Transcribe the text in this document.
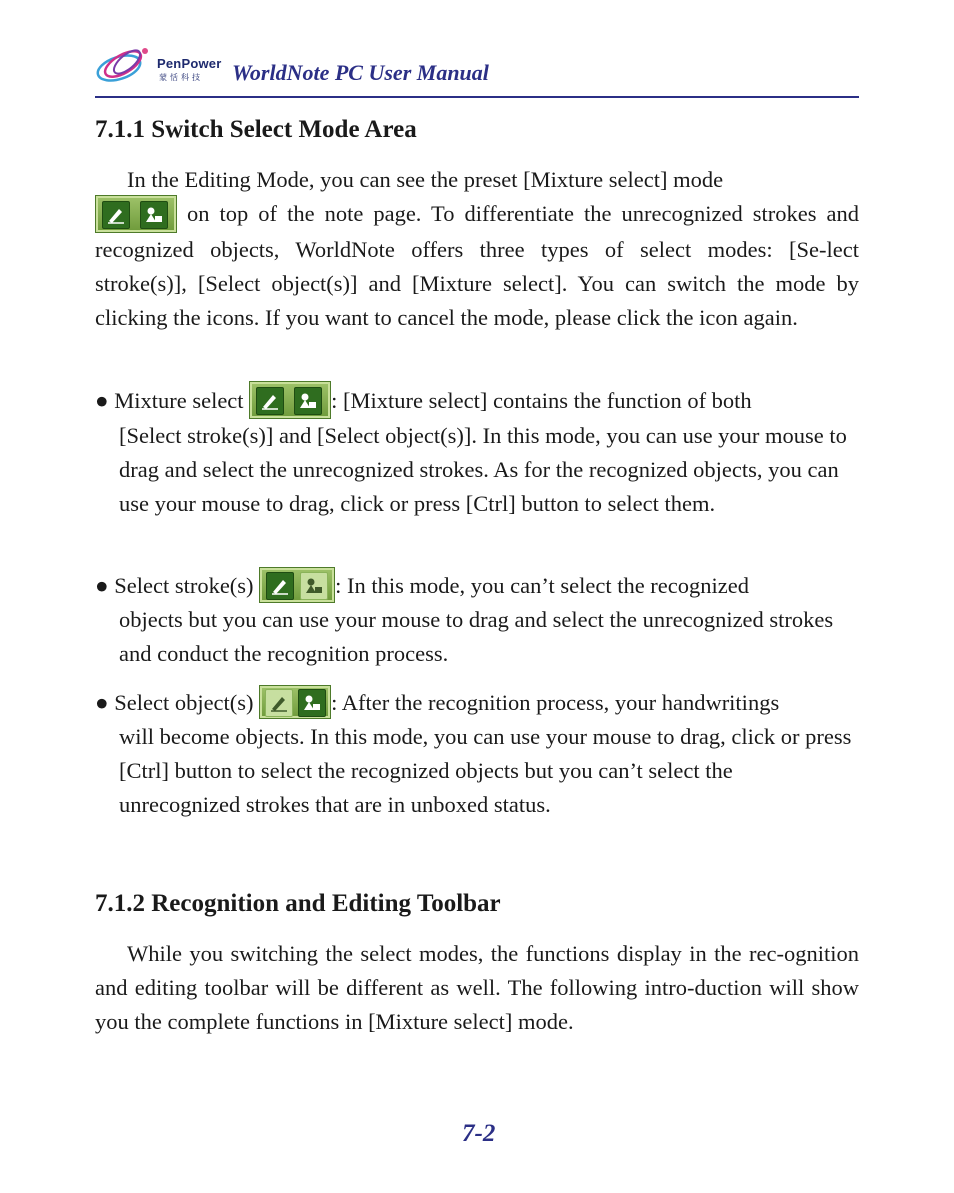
PenPower
蒙恬科技 WorldNote PC User Manual
7.1.1 Switch Select Mode Area

In the Editing Mode, you can see the preset [Mixture select] mode

on top of the note page. To differentiate the unrecognized strokes and recognized objects, WorldNote offers three types of select modes: [Se-lect stroke(s)], [Select object(s)] and [Mixture select]. You can switch the mode by clicking the icons. If you want to cancel the mode, please click the icon again.

● Mixture select	: [Mixture select] contains the function of both
[Select stroke(s)] and [Select object(s)]. In this mode, you can use your mouse to drag and select the unrecognized strokes. As for the recognized objects, you can use your mouse to drag, click or press [Ctrl] button to select them.
● Select stroke(s)	: In this mode, you can’t select the recognized
objects but you can use your mouse to drag and select the unrecognized strokes and conduct the recognition process.
● Select object(s)	: After the recognition process, your handwritings
will become objects. In this mode, you can use your mouse to drag, click or press [Ctrl] button to select the recognized objects but you can’t select the unrecognized strokes that are in unboxed status.
7.1.2 Recognition and Editing Toolbar

While you switching the select modes, the functions display in the rec-ognition and editing toolbar will be different as well. The following intro-duction will show you the complete functions in [Mixture select] mode.

7-2
